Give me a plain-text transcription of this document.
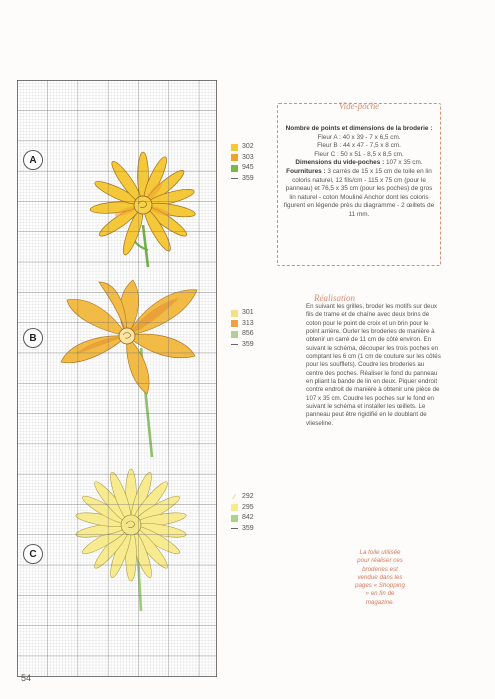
A
B
C
302
303
945
359
301
313
856
359
∕ 292
295
842
359
Vide-poche
Nombre de points et dimensions de la broderie :
Fleur A : 40 x 39 - 7 x 6,5 cm.
Fleur B : 44 x 47 - 7,5 x 8 cm.
Fleur C : 50 x 51 - 8,5 x 8,5 cm.
Dimensions du vide-poches : 107 x 35 cm.
Fournitures : 3 carrés de 15 x 15 cm de toile en lin coloris naturel, 12 fils/cm - 115 x 75 cm (pour le panneau) et 76,5 x 35 cm (pour les poches) de gros lin naturel - coton Mouliné Anchor dont les coloris figurent en légende près du diagramme - 2 œillets de 11 mm.
Réalisation
En suivant les grilles, broder les motifs sur deux fils de trame et de chaîne avec deux brins de coton pour le point de croix et un brin pour le point arrière. Ourler les broderies de manière à obtenir un carré de 11 cm de côté environ. En suivant le schéma, découper les trois poches en comptant les 6 cm (1 cm de couture sur les côtés pour les soufflets). Coudre les broderies au centre des poches. Réaliser le fond du panneau en pliant la bande de lin en deux. Piquer endroit contre endroit de manière à obtenir une pièce de 107 x 35 cm. Coudre les poches sur le fond en suivant le schéma et installer les œillets. Le panneau peut être rigidifié en le doublant de vlieseline.
La toile utilisée pour réaliser ces broderies est vendue dans les pages « Shopping » en fin de magazine.
54
